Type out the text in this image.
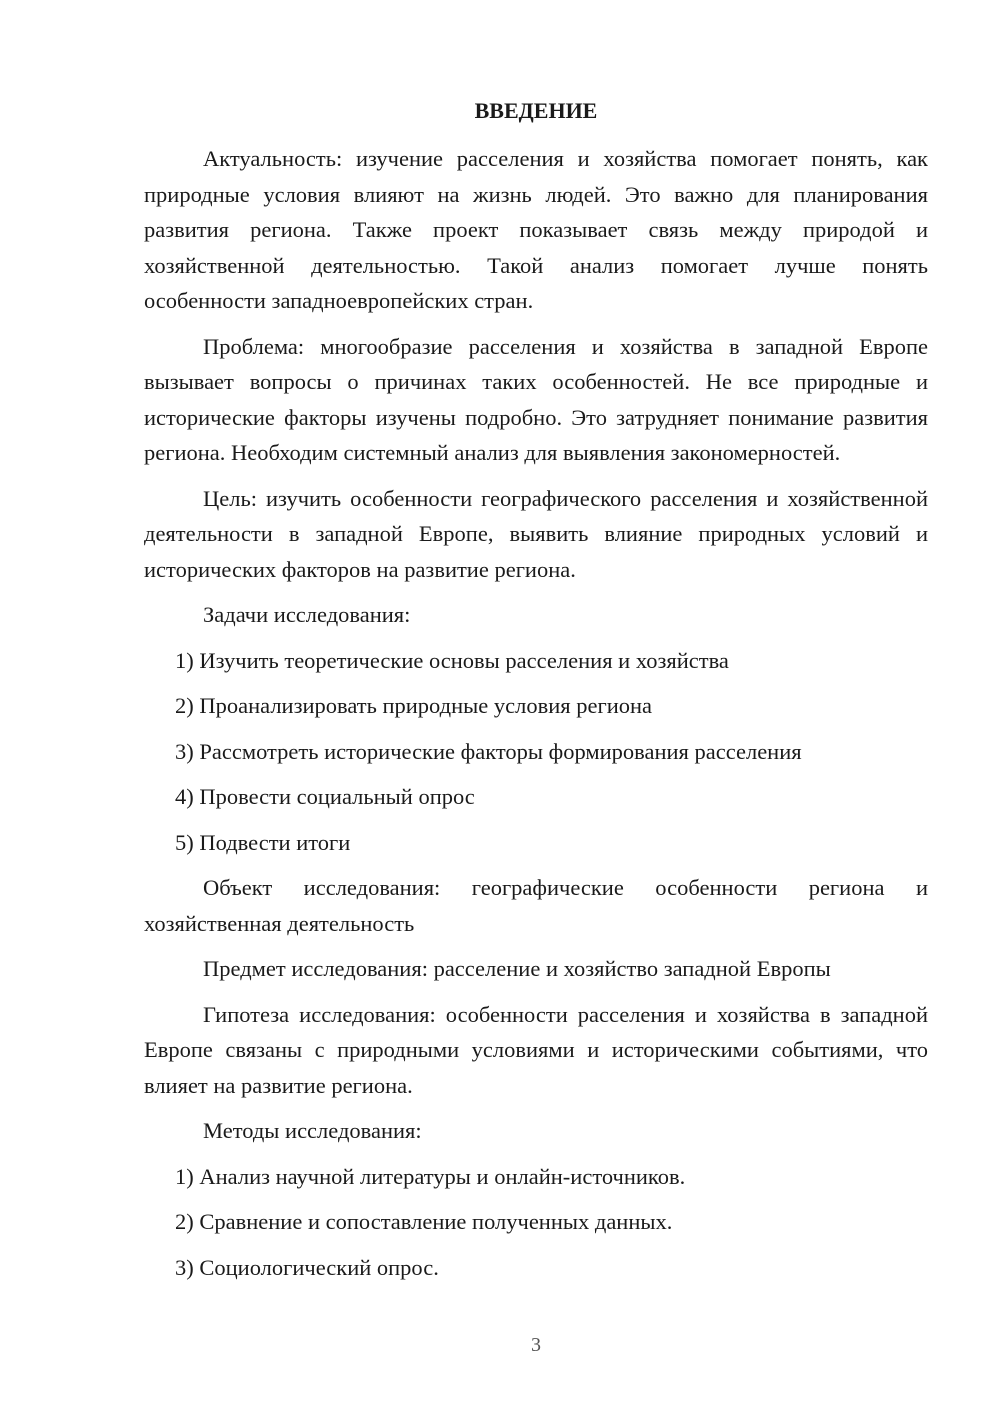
ВВЕДЕНИЕ

Актуальность: изучение расселения и хозяйства помогает понять, как природные условия влияют на жизнь людей. Это важно для планирования развития региона. Также проект показывает связь между природой и хозяйственной деятельностью. Такой анализ помогает лучше понять особенности западноевропейских стран.

Проблема: многообразие расселения и хозяйства в западной Европе вызывает вопросы о причинах таких особенностей. Не все природные и исторические факторы изучены подробно. Это затрудняет понимание развития региона. Необходим системный анализ для выявления закономерностей.

Цель: изучить особенности географического расселения и хозяйственной деятельности в западной Европе, выявить влияние природных условий и исторических факторов на развитие региона.

Задачи исследования:

1) Изучить теоретические основы расселения и хозяйства

2) Проанализировать природные условия региона

3) Рассмотреть исторические факторы формирования расселения

4) Провести социальный опрос

5) Подвести итоги

Объект исследования: географические особенности региона и хозяйственная деятельность

Предмет исследования: расселение и хозяйство западной Европы

Гипотеза исследования: особенности расселения и хозяйства в западной Европе связаны с природными условиями и историческими событиями, что влияет на развитие региона.

Методы исследования:

1) Анализ научной литературы и онлайн-источников.

2) Сравнение и сопоставление полученных данных.

3) Социологический опрос.

3
